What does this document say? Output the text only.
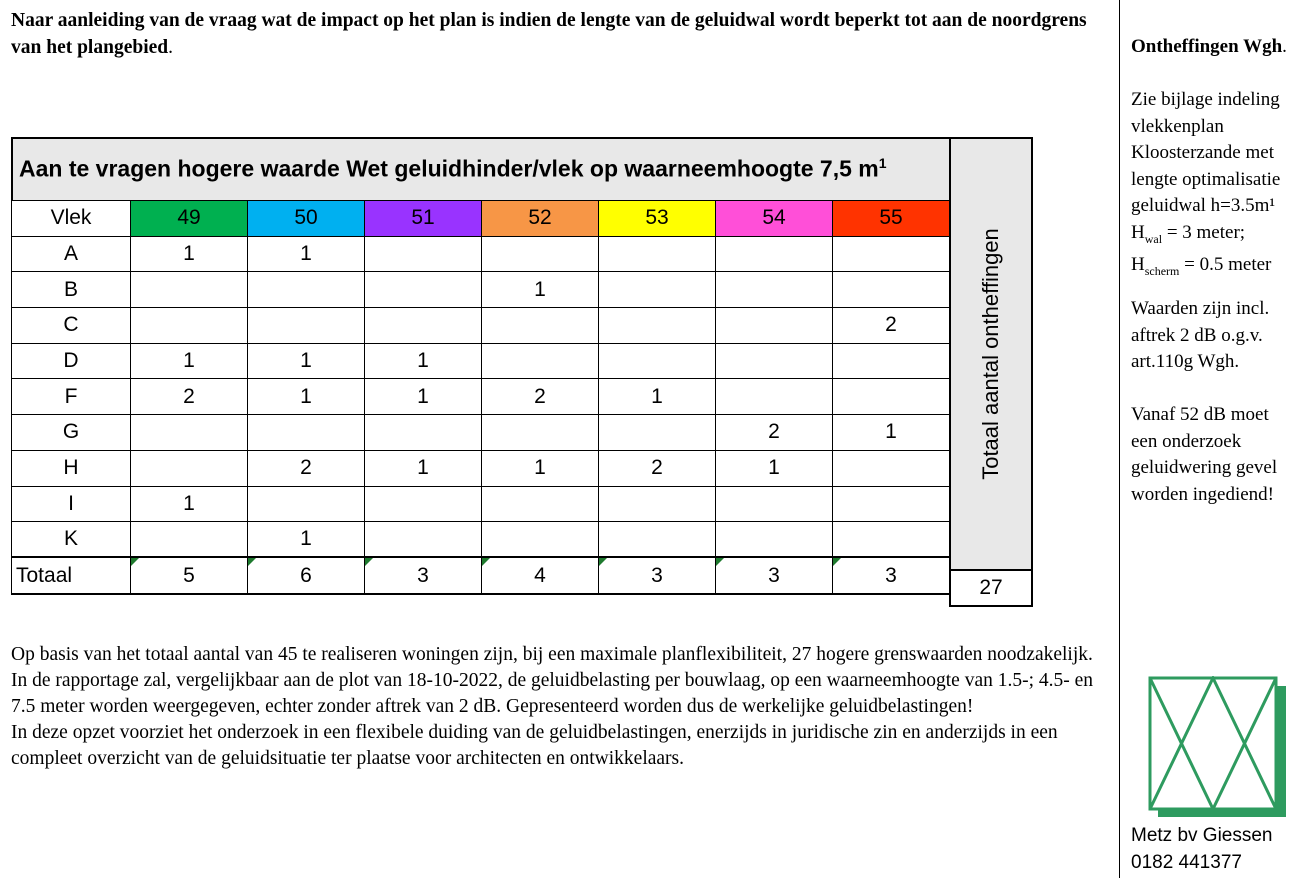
Naar aanleiding van de vraag wat de impact op het plan is indien de lengte van de geluidwal wordt beperkt tot aan de noordgrens van het plangebied.
Aan te vragen hogere waarde Wet geluidhinder/vlek op waarneemhoogte 7,5 $m^1$
Totaal aantal ontheffingen
Vlek	49	50	51	52	53	54	55
A	1	1					
B				1			
C							2
D	1	1	1				
F	2	1	1	2	1		
G						2	1
H		2	1	1	2	1	
I	1						
K		1					
Totaal	5	6	3	4	3	3	3
27

Op basis van het totaal aantal van 45 te realiseren woningen zijn, bij een maximale planflexibiliteit, 27 hogere grenswaarden noodzakelijk.

In de rapportage zal, vergelijkbaar aan de plot van 18-10-2022, de geluidbelasting per bouwlaag, op een waarneemhoogte van 1.5-; 4.5- en 7.5 meter worden weergegeven, echter zonder aftrek van 2 dB. Gepresenteerd worden dus de werkelijke geluidbelastingen!

In deze opzet voorziet het onderzoek in een flexibele duiding van de geluidbelastingen, enerzijds in juridische zin en anderzijds in een compleet overzicht van de geluidsituatie ter plaatse voor architecten en ontwikkelaars.

Ontheffingen Wgh.
Zie bijlage indeling
vlekkenplan
Kloosterzande met
lengte optimalisatie
geluidwal h=3.5m¹
$H_{wal} = 3$ meter;
$H_{scherm} = 0.5$ meter
Waarden zijn incl.
aftrek 2 dB o.g.v.
art.110g Wgh.
Vanaf 52 dB moet
een onderzoek
geluidwering gevel
worden ingediend!
Metz bv Giessen
0182 441377
